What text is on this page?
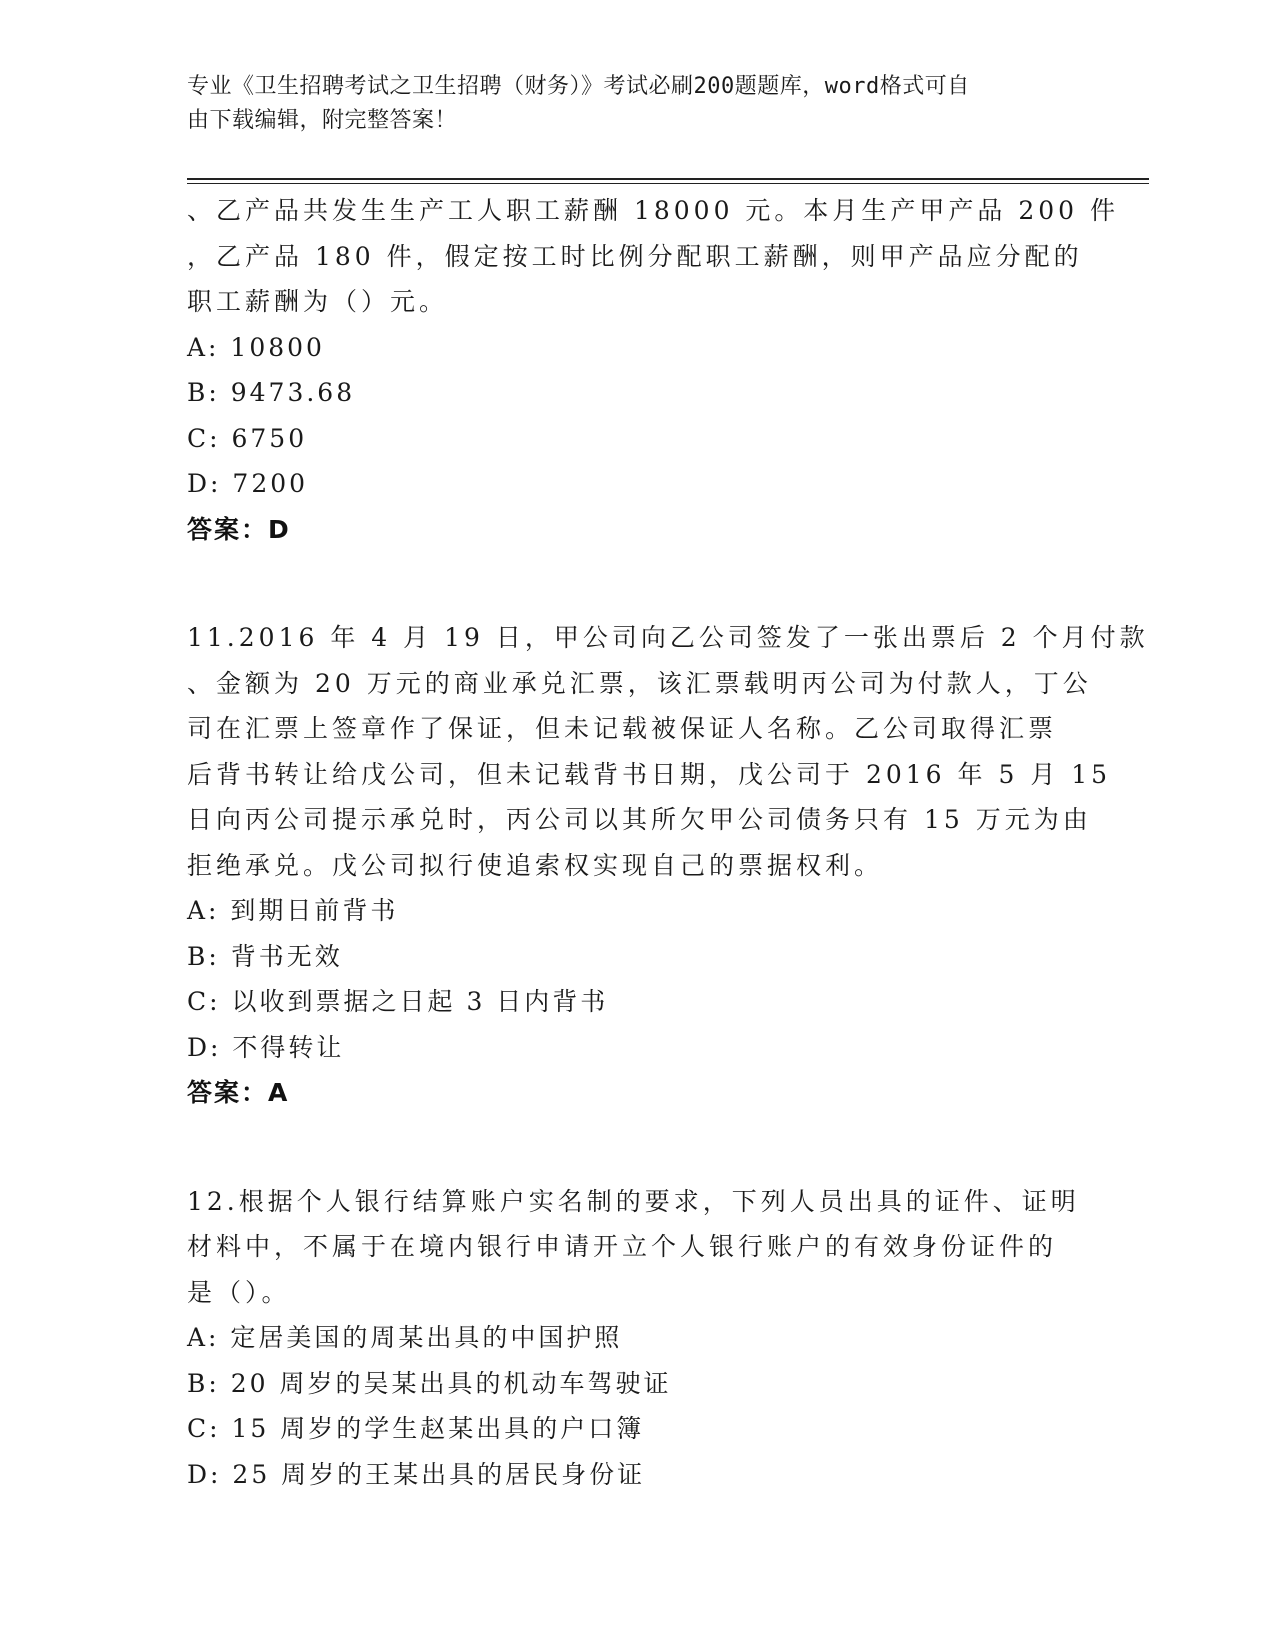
专业《卫生招聘考试之卫生招聘（财务）》考试必刷200题题库，word格式可自
由下载编辑，附完整答案！
、乙产品共发生生产工人职工薪酬 18000 元。本月生产甲产品 200 件
，乙产品 180 件，假定按工时比例分配职工薪酬，则甲产品应分配的
职工薪酬为（）元。
A: 10800
B: 9473.68
C: 6750
D: 7200
答案：D
11.2016 年 4 月 19 日，甲公司向乙公司签发了一张出票后 2 个月付款
、金额为 20 万元的商业承兑汇票，该汇票载明丙公司为付款人，丁公
司在汇票上签章作了保证，但未记载被保证人名称。乙公司取得汇票
后背书转让给戊公司，但未记载背书日期，戊公司于 2016 年 5 月 15
日向丙公司提示承兑时，丙公司以其所欠甲公司债务只有 15 万元为由
拒绝承兑。戊公司拟行使追索权实现自己的票据权利。
A: 到期日前背书
B: 背书无效
C: 以收到票据之日起 3 日内背书
D: 不得转让
答案：A
12.根据个人银行结算账户实名制的要求，下列人员出具的证件、证明
材料中，不属于在境内银行申请开立个人银行账户的有效身份证件的
是（）。
A: 定居美国的周某出具的中国护照
B: 20 周岁的吴某出具的机动车驾驶证
C: 15 周岁的学生赵某出具的户口簿
D: 25 周岁的王某出具的居民身份证
